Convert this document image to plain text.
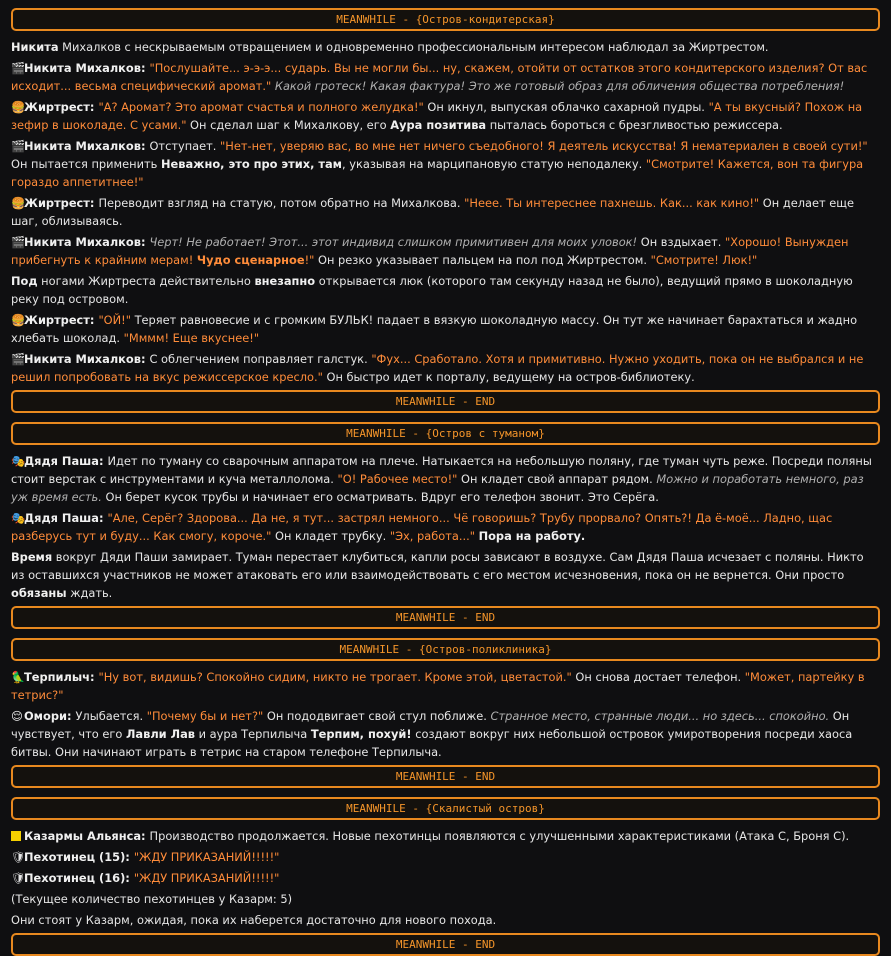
MEANWHILE - {Остров-кондитерская}

Никита Михалков с нескрываемым отвращением и одновременно профессиональным интересом наблюдал за Жиртрестом.

🎬Никита Михалков: "Послушайте... э-э-э... сударь. Вы не могли бы... ну, скажем, отойти от остатков этого кондитерского изделия? От вас исходит... весьма специфический аромат." Какой гротеск! Какая фактура! Это же готовый образ для обличения общества потребления!

🍔Жиртрест: "А? Аромат? Это аромат счастья и полного желудка!" Он икнул, выпуская облачко сахарной пудры. "А ты вкусный? Похож на зефир в шоколаде. С усами." Он сделал шаг к Михалкову, его Аура позитива пыталась бороться с брезгливостью режиссера.

🎬Никита Михалков: Отступает. "Нет-нет, уверяю вас, во мне нет ничего съедобного! Я деятель искусства! Я нематериален в своей сути!" Он пытается применить Неважно, это про этих, там, указывая на марципановую статую неподалеку. "Смотрите! Кажется, вон та фигура гораздо аппетитнее!"

🍔Жиртрест: Переводит взгляд на статую, потом обратно на Михалкова. "Нееe. Ты интереснее пахнешь. Как... как кино!" Он делает еще шаг, облизываясь.

🎬Никита Михалков: Черт! Не работает! Этот... этот индивид слишком примитивен для моих уловок! Он вздыхает. "Хорошо! Вынужден прибегнуть к крайним мерам! Чудо сценарное!" Он резко указывает пальцем на пол под Жиртрестом. "Смотрите! Люк!"

Под ногами Жиртреста действительно внезапно открывается люк (которого там секунду назад не было), ведущий прямо в шоколадную реку под островом.

🍔Жиртрест: "ОЙ!" Теряет равновесие и с громким БУЛЬК! падает в вязкую шоколадную массу. Он тут же начинает барахтаться и жадно хлебать шоколад. "Мммм! Еще вкуснее!"

🎬Никита Михалков: С облегчением поправляет галстук. "Фух... Сработало. Хотя и примитивно. Нужно уходить, пока он не выбрался и не решил попробовать на вкус режиссерское кресло." Он быстро идет к порталу, ведущему на остров-библиотеку.

MEANWHILE - END
MEANWHILE - {Остров с туманом}

🎭Дядя Паша: Идет по туману со сварочным аппаратом на плече. Натыкается на небольшую поляну, где туман чуть реже. Посреди поляны стоит верстак с инструментами и куча металлолома. "О! Рабочее место!" Он кладет свой аппарат рядом. Можно и поработать немного, раз уж время есть. Он берет кусок трубы и начинает его осматривать. Вдруг его телефон звонит. Это Серёга.

🎭Дядя Паша: "Але, Серёг? Здорова... Да не, я тут... застрял немного... Чё говоришь? Трубу прорвало? Опять?! Да ё-моё... Ладно, щас разберусь тут и буду... Как смогу, короче." Он кладет трубку. "Эх, работа..." Пора на работу.

Время вокруг Дяди Паши замирает. Туман перестает клубиться, капли росы зависают в воздухе. Сам Дядя Паша исчезает с поляны. Никто из оставшихся участников не может атаковать его или взаимодействовать с его местом исчезновения, пока он не вернется. Они просто обязаны ждать.

MEANWHILE - END
MEANWHILE - {Остров-поликлиника}

🦜Терпилыч: "Ну вот, видишь? Спокойно сидим, никто не трогает. Кроме этой, цветастой." Он снова достает телефон. "Может, партейку в тетрис?"

😌Омори: Улыбается. "Почему бы и нет?" Он пододвигает свой стул поближе. Странное место, странные люди... но здесь... спокойно. Он чувствует, что его Лавли Лав и аура Терпилыча Терпим, похуй! создают вокруг них небольшой островок умиротворения посреди хаоса битвы. Они начинают играть в тетрис на старом телефоне Терпилыча.

MEANWHILE - END
MEANWHILE - {Скалистый остров}

Казармы Альянса: Производство продолжается. Новые пехотинцы появляются с улучшенными характеристиками (Атака С, Броня С).

🛡Пехотинец (15): "ЖДУ ПРИКАЗАНИЙ!!!!!"

🛡Пехотинец (16): "ЖДУ ПРИКАЗАНИЙ!!!!!"

(Текущее количество пехотинцев у Казарм: 5)

Они стоят у Казарм, ожидая, пока их наберется достаточно для нового похода.

MEANWHILE - END
